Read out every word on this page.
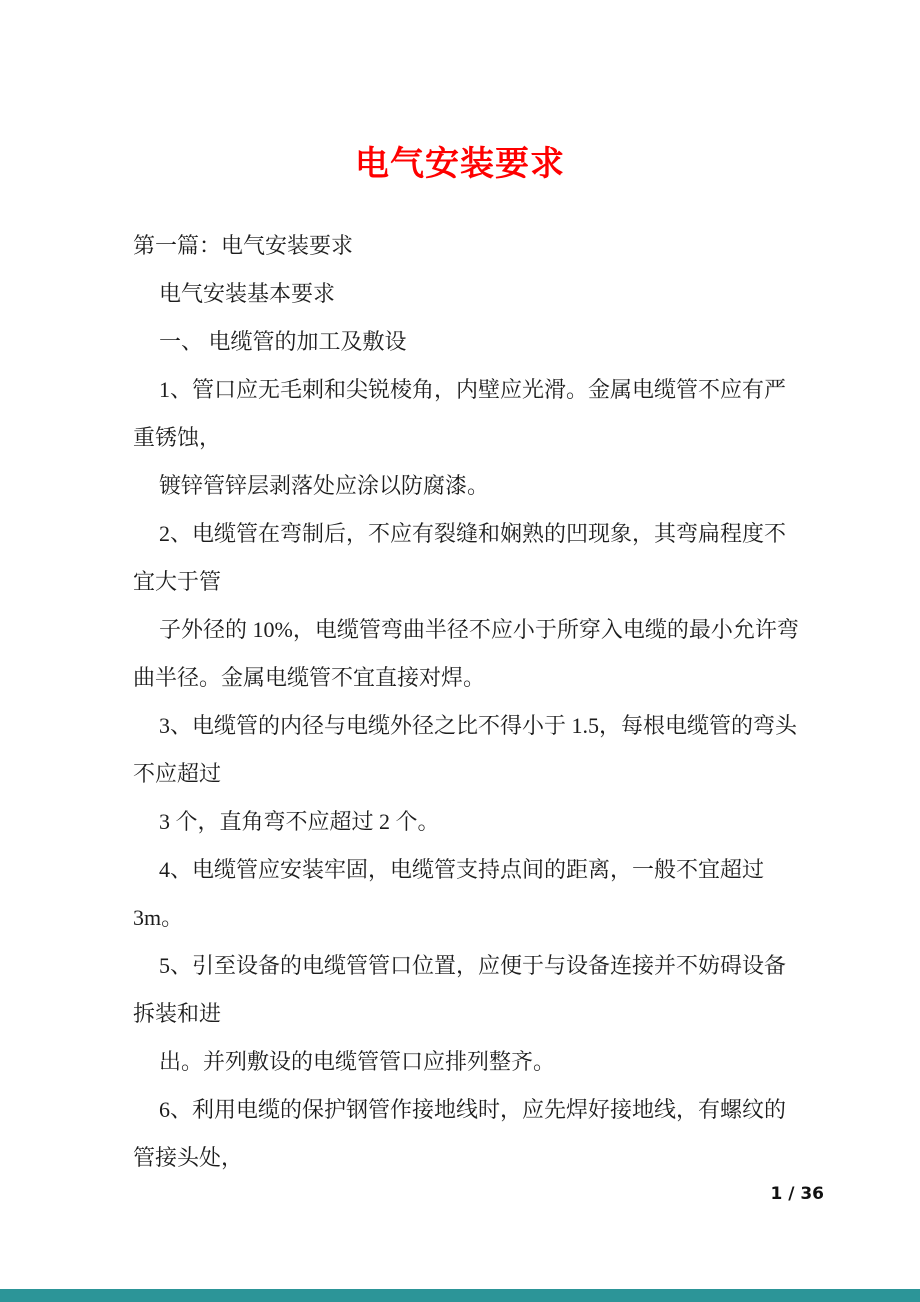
电气安装要求
第一篇：电气安装要求
电气安装基本要求
一、 电缆管的加工及敷设
1、管口应无毛刺和尖锐棱角，内壁应光滑。金属电缆管不应有严
重锈蚀，
镀锌管锌层剥落处应涂以防腐漆。
2、电缆管在弯制后，不应有裂缝和娴熟的凹现象，其弯扁程度不
宜大于管
子外径的 10%，电缆管弯曲半径不应小于所穿入电缆的最小允许弯
曲半径。金属电缆管不宜直接对焊。
3、电缆管的内径与电缆外径之比不得小于 1.5，每根电缆管的弯头
不应超过
3 个，直角弯不应超过 2 个。
4、电缆管应安装牢固，电缆管支持点间的距离，一般不宜超过
3m。
5、引至设备的电缆管管口位置，应便于与设备连接并不妨碍设备
拆装和进
出。并列敷设的电缆管管口应排列整齐。
6、利用电缆的保护钢管作接地线时，应先焊好接地线，有螺纹的
管接头处，
1 / 36
